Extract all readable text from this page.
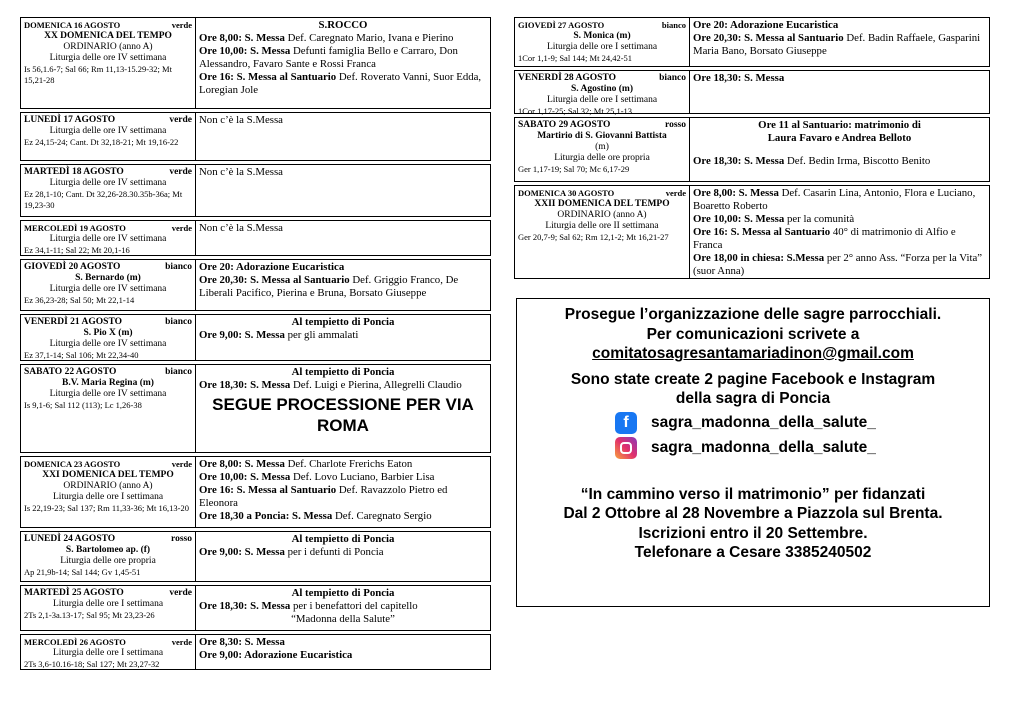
DOMENICA 16 AGOSTO	verde
XX DOMENICA DEL TEMPO
ORDINARIO (anno A)
Liturgia delle ore IV settimana
Is 56,1.6-7; Sal 66; Rm 11,13-15.29-32; Mt 15,21-28
S.ROCCO
Ore 8,00: S. Messa Def. Caregnato Mario, Ivana e Pierino
Ore 10,00: S. Messa Defunti famiglia Bello e Carraro, Don Alessandro, Favaro Sante e Rossi Franca
Ore 16: S. Messa al Santuario Def. Roverato Vanni, Suor Edda, Loregian Jole
LUNEDÌ 17 AGOSTO	verde
Liturgia delle ore IV settimana
Ez 24,15-24; Cant. Dt 32,18-21; Mt 19,16-22
Non c’è la S.Messa
MARTEDÌ 18 AGOSTO	verde
Liturgia delle ore IV settimana
Ez 28,1-10; Cant. Dt 32,26-28.30.35b-36a; Mt 19,23-30
Non c’è la S.Messa
MERCOLEDÌ 19 AGOSTO	verde
Liturgia delle ore IV settimana
Ez 34,1-11; Sal 22; Mt 20,1-16
Non c’è la S.Messa
GIOVEDÌ 20 AGOSTO	bianco
S. Bernardo (m)
Liturgia delle ore IV settimana
Ez 36,23-28; Sal 50; Mt 22,1-14
Ore 20: Adorazione Eucaristica
Ore 20,30: S. Messa al Santuario Def. Griggio Franco, De Liberali Pacifico, Pierina e Bruna, Borsato Giuseppe
VENERDÌ 21 AGOSTO	bianco
S. Pio X (m)
Liturgia delle ore IV settimana
Ez 37,1-14; Sal 106; Mt 22,34-40
Al tempietto di Poncia
Ore 9,00: S. Messa per gli ammalati
SABATO 22 AGOSTO	bianco
B.V. Maria Regina (m)
Liturgia delle ore IV settimana
Is 9,1-6; Sal 112 (113); Lc 1,26-38
Al tempietto di Poncia
Ore 18,30: S. Messa Def. Luigi e Pierina, Allegrelli Claudio
SEGUE PROCESSIONE PER VIA ROMA
DOMENICA 23 AGOSTO	verde
XXI DOMENICA DEL TEMPO
ORDINARIO (anno A)
Liturgia delle ore I settimana
Is 22,19-23; Sal 137; Rm 11,33-36; Mt 16,13-20
Ore 8,00: S. Messa Def. Charlote Frerichs Eaton
Ore 10,00: S. Messa Def. Lovo Luciano, Barbier Lisa
Ore 16: S. Messa al Santuario Def. Ravazzolo Pietro ed Eleonora
Ore 18,30 a Poncia: S. Messa Def. Caregnato Sergio
LUNEDÌ 24 AGOSTO	rosso
S. Bartolomeo ap. (f)
Liturgia delle ore propria
Ap 21,9b-14; Sal 144; Gv 1,45-51
Al tempietto di Poncia
Ore 9,00: S. Messa per i defunti di Poncia
MARTEDÌ 25 AGOSTO	verde
Liturgia delle ore I settimana
2Ts 2,1-3a.13-17; Sal 95; Mt 23,23-26
Al tempietto di Poncia
Ore 18,30: S. Messa per i benefattori del capitello
“Madonna della Salute”
MERCOLEDÌ 26 AGOSTO	verde
Liturgia delle ore I settimana
2Ts 3,6-10.16-18; Sal 127; Mt 23,27-32
Ore 8,30: S. Messa
Ore 9,00: Adorazione Eucaristica
GIOVEDÌ 27 AGOSTO	bianco
S. Monica (m)
Liturgia delle ore I settimana
1Cor 1,1-9; Sal 144; Mt 24,42-51
Ore 20: Adorazione Eucaristica
Ore 20,30: S. Messa al Santuario Def. Badin Raffaele, Gasparini Maria Bano, Borsato Giuseppe
VENERDÌ 28 AGOSTO	bianco
S. Agostino (m)
Liturgia delle ore I settimana
1Cor 1,17-25; Sal 32; Mt 25,1-13
Ore 18,30: S. Messa
SABATO 29 AGOSTO	rosso
Martirio di S. Giovanni Battista
(m)
Liturgia delle ore propria
Ger 1,17-19; Sal 70; Mc 6,17-29
Ore 11 al Santuario: matrimonio di
Laura Favaro e Andrea Belloto
Ore 18,30: S. Messa Def. Bedin Irma, Biscotto Benito
DOMENICA 30 AGOSTO	verde
XXII DOMENICA DEL TEMPO
ORDINARIO (anno A)
Liturgia delle ore II settimana
Ger 20,7-9; Sal 62; Rm 12,1-2; Mt 16,21-27
Ore 8,00: S. Messa Def. Casarin Lina, Antonio, Flora e Luciano, Boaretto Roberto
Ore 10,00: S. Messa per la comunità
Ore 16: S. Messa al Santuario 40° di matrimonio di Alfio e Franca
Ore 18,00 in chiesa: S.Messa per 2° anno Ass. “Forza per la Vita” (suor Anna)
Prosegue l’organizzazione delle sagre parrocchiali.
Per comunicazioni scrivete a
comitatosagresantamariadinon@gmail.com
Sono state create 2 pagine Facebook e Instagram
della sagra di Poncia
f	sagra_madonna_della_salute_
sagra_madonna_della_salute_
“In cammino verso il matrimonio” per fidanzati
Dal 2 Ottobre al 28 Novembre a Piazzola sul Brenta.
Iscrizioni entro il 20 Settembre.
Telefonare a Cesare 3385240502
